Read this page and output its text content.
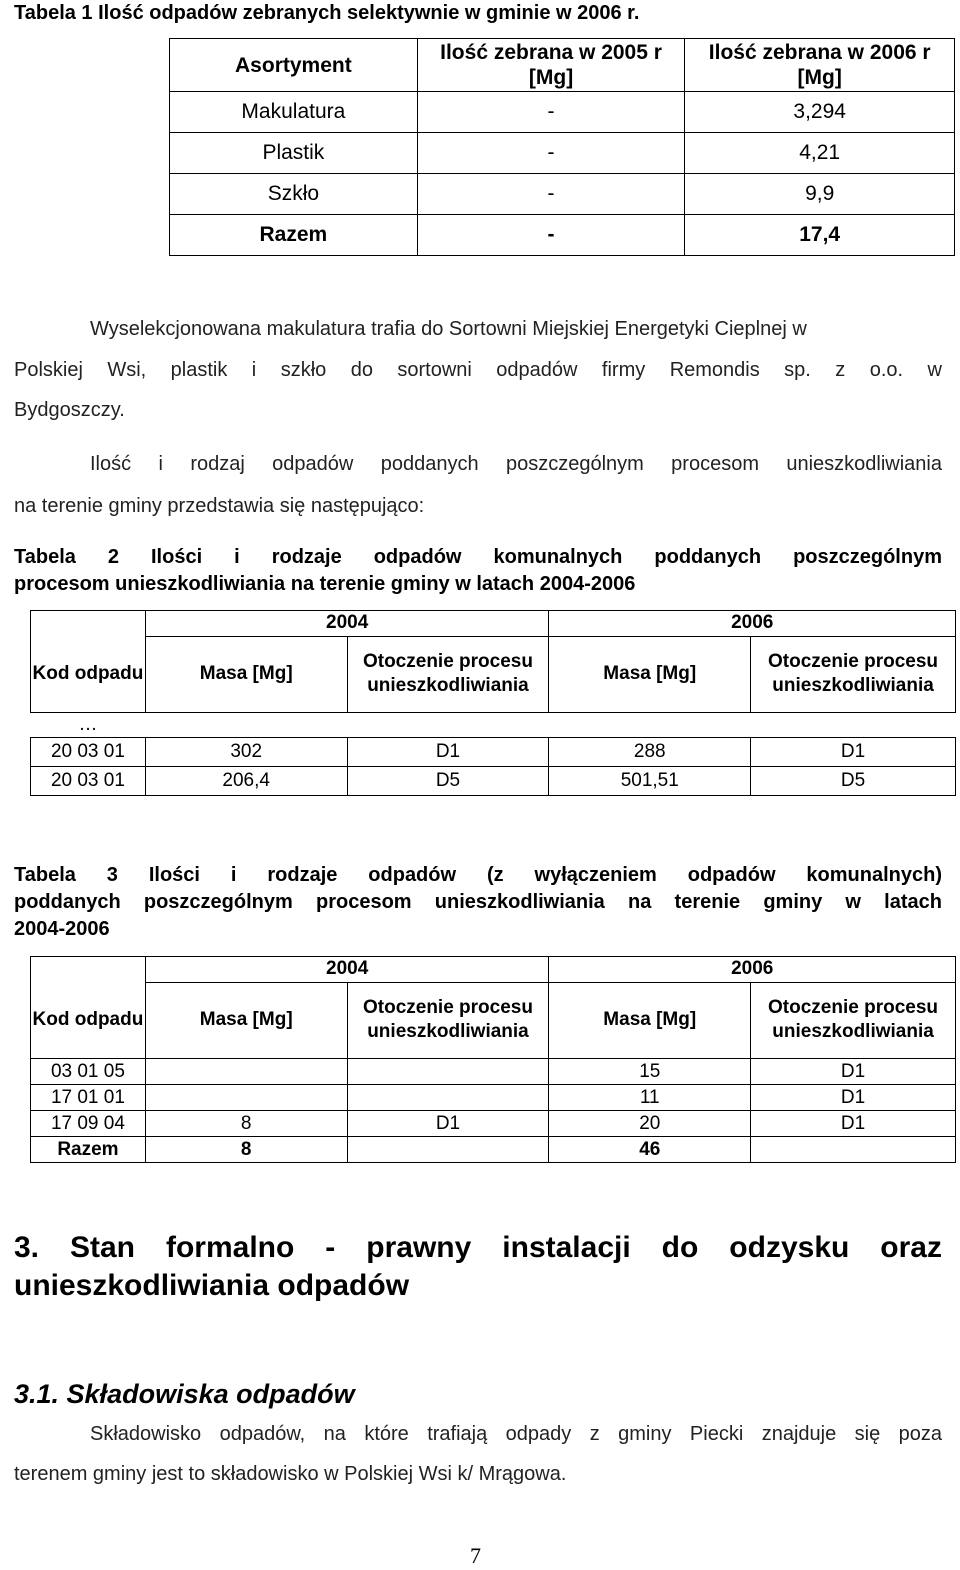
Tabela 1 Ilość odpadów zebranych selektywnie w gminie w 2006 r.
Asortyment	Ilość zebrana w 2005 r [Mg]	Ilość zebrana w 2006 r [Mg]
Makulatura	-	3,294
Plastik	-	4,21
Szkło	-	9,9
Razem	-	17,4
Wyselekcjonowana makulatura trafia do Sortowni Miejskiej Energetyki Cieplnej w
Polskiej Wsi, plastik i szkło do sortowni odpadów firmy Remondis sp. z o.o. w
Bydgoszczy.
Ilość i rodzaj odpadów poddanych poszczególnym procesom unieszkodliwiania
na terenie gminy przedstawia się następująco:
Tabela 2 Ilości i rodzaje odpadów komunalnych poddanych poszczególnym
procesom unieszkodliwiania na terenie gminy w latach 2004-2006
	2004		2006	
Kod odpadu	Masa [Mg]	Otoczenie procesu unieszkodliwiania	Masa [Mg]	Otoczenie procesu unieszkodliwiania
…				
20 03 01	302	D1	288	D1
20 03 01	206,4	D5	501,51	D5
Tabela 3 Ilości i rodzaje odpadów (z wyłączeniem odpadów komunalnych)
poddanych poszczególnym procesom unieszkodliwiania na terenie gminy w latach
2004-2006
	2004		2006	
Kod odpadu	Masa [Mg]	Otoczenie procesu unieszkodliwiania	Masa [Mg]	Otoczenie procesu unieszkodliwiania
03 01 05			15	D1
17 01 01			11	D1
17 09 04	8	D1	20	D1
Razem	8		46	
3. Stan formalno - prawny instalacji do odzysku oraz
unieszkodliwiania odpadów
3.1. Składowiska odpadów
Składowisko odpadów, na które trafiają odpady z gminy Piecki znajduje się poza
terenem gminy jest to składowisko w Polskiej Wsi k/ Mrągowa.
7
